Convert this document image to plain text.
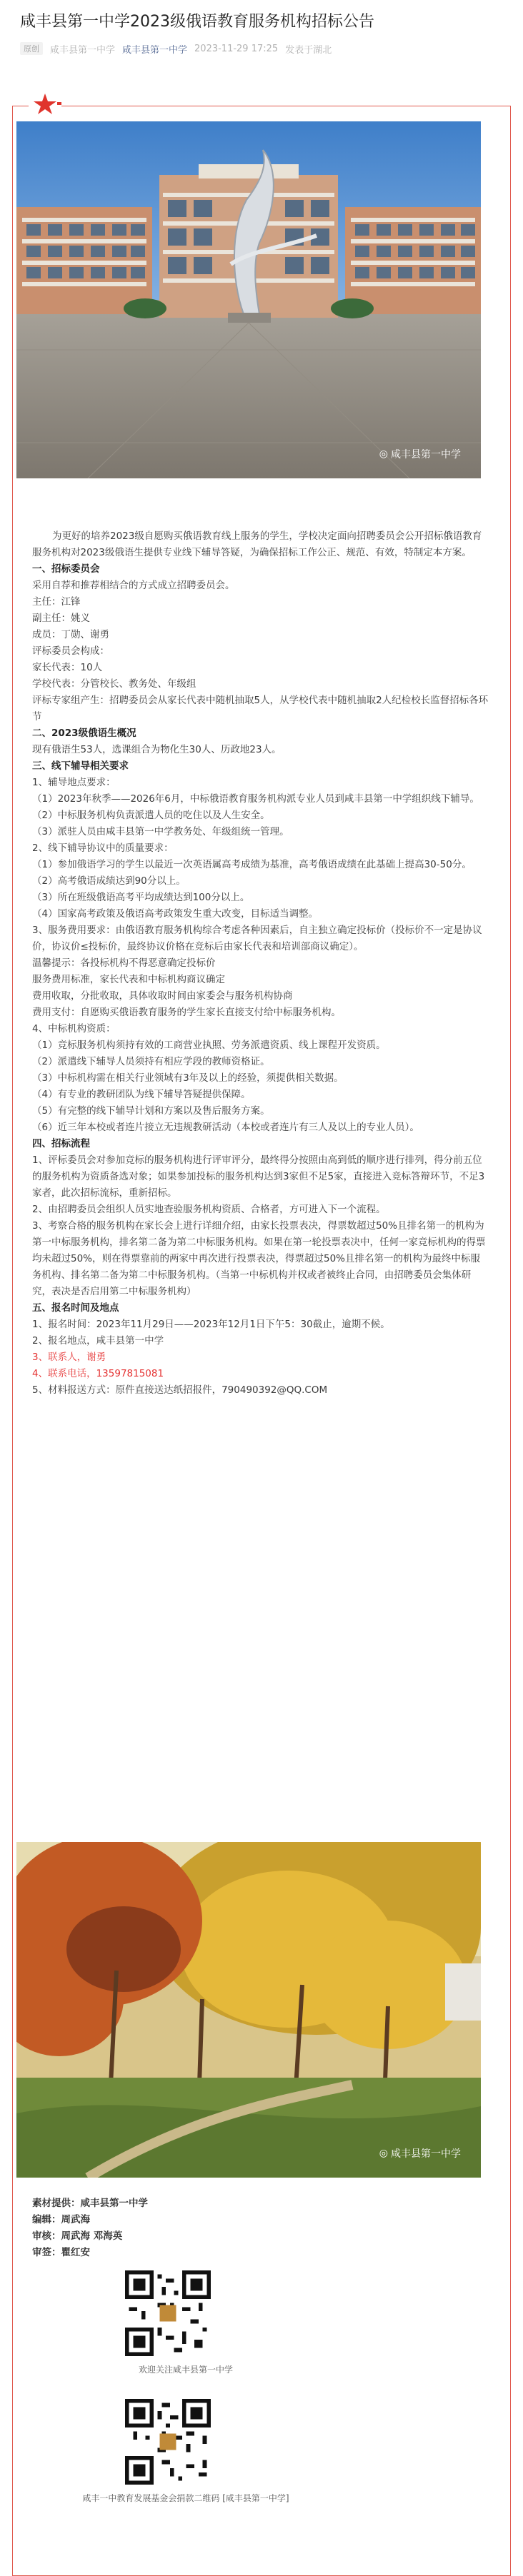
咸丰县第一中学2023级俄语教育服务机构招标公告
原创	咸丰县第一中学 咸丰县第一中学 2023-11-29 17:25 发表于湖北
◎ 咸丰县第一中学

为更好的培养2023级自愿购买俄语教育线上服务的学生，学校决定面向招聘委员会公开招标俄语教育服务机构对2023级俄语生提供专业线下辅导答疑，为确保招标工作公正、规范、有效，特制定本方案。

一、招标委员会

采用自荐和推荐相结合的方式成立招聘委员会。

主任：江锋

副主任：姚义

成员：丁勋、谢勇

评标委员会构成：

家长代表：10人

学校代表：分管校长、教务处、年级组

评标专家组产生：招聘委员会从家长代表中随机抽取5人，从学校代表中随机抽取2人纪检校长监督招标各环节

二、2023级俄语生概况

现有俄语生53人，选课组合为物化生30人、历政地23人。

三、线下辅导相关要求

1、辅导地点要求：

（1）2023年秋季——2026年6月，中标俄语教育服务机构派专业人员到咸丰县第一中学组织线下辅导。

（2）中标服务机构负责派遣人员的吃住以及人生安全。

（3）派驻人员由咸丰县第一中学教务处、年级组统一管理。

2、线下辅导协议中的质量要求：

（1）参加俄语学习的学生以最近一次英语属高考成绩为基准，高考俄语成绩在此基础上提高30-50分。

（2）高考俄语成绩达到90分以上。

（3）所在班级俄语高考平均成绩达到100分以上。

（4）国家高考政策及俄语高考政策发生重大改变，目标适当调整。

3、服务费用要求：由俄语教育服务机构综合考虑各种因素后，自主独立确定投标价（投标价不一定是协议价，协议价≤投标价，最终协议价格在竞标后由家长代表和培训部商议确定）。

温馨提示：各投标机构不得恶意确定投标价

服务费用标准，家长代表和中标机构商议确定

费用收取，分批收取，具体收取时间由家委会与服务机构协商

费用支付：自愿购买俄语教育服务的学生家长直接支付给中标服务机构。

4、中标机构资质：

（1）竞标服务机构须持有效的工商营业执照、劳务派遣资质、线上课程开发资质。

（2）派遣线下辅导人员须持有相应学段的教师资格证。

（3）中标机构需在相关行业领域有3年及以上的经验，须提供相关数据。

（4）有专业的教研团队为线下辅导答疑提供保障。

（5）有完整的线下辅导计划和方案以及售后服务方案。

（6）近三年本校或者连片接立无违规教研活动（本校或者连片有三人及以上的专业人员）。

四、招标流程

1、评标委员会对参加竞标的服务机构进行评审评分，最终得分按照由高到低的顺序进行排列，得分前五位的服务机构为资质备选对象；如果参加投标的服务机构达到3家但不足5家，直接进入竞标答辩环节，不足3家者，此次招标流标，重新招标。

2、由招聘委员会组织人员实地查验服务机构资质、合格者，方可进入下一个流程。

3、考察合格的服务机构在家长会上进行详细介绍，由家长投票表决，得票数超过50%且排名第一的机构为第一中标服务机构，排名第二备为第二中标服务机构。如果在第一轮投票表决中，任何一家竞标机构的得票均未超过50%，则在得票靠前的两家中再次进行投票表决，得票超过50%且排名第一的机构为最终中标服务机构、排名第二备为第二中标服务机构。（当第一中标机构并权或者被终止合同，由招聘委员会集体研究，表决是否启用第二中标服务机构）

五、报名时间及地点

1、报名时间：2023年11月29日——2023年12月1日下午5：30截止，逾期不候。

2、报名地点，咸丰县第一中学

3、联系人，谢勇

4、联系电话，13597815081

5、材料报送方式：原件直接送达纸招报件，790490392@QQ.COM

◎ 咸丰县第一中学

素材提供：咸丰县第一中学

编辑：周武海

审核：周武海 邓海英

审签：瞿红安

欢迎关注咸丰县第一中学
咸丰一中教育发展基金会捐款二维码 [咸丰县第一中学]
